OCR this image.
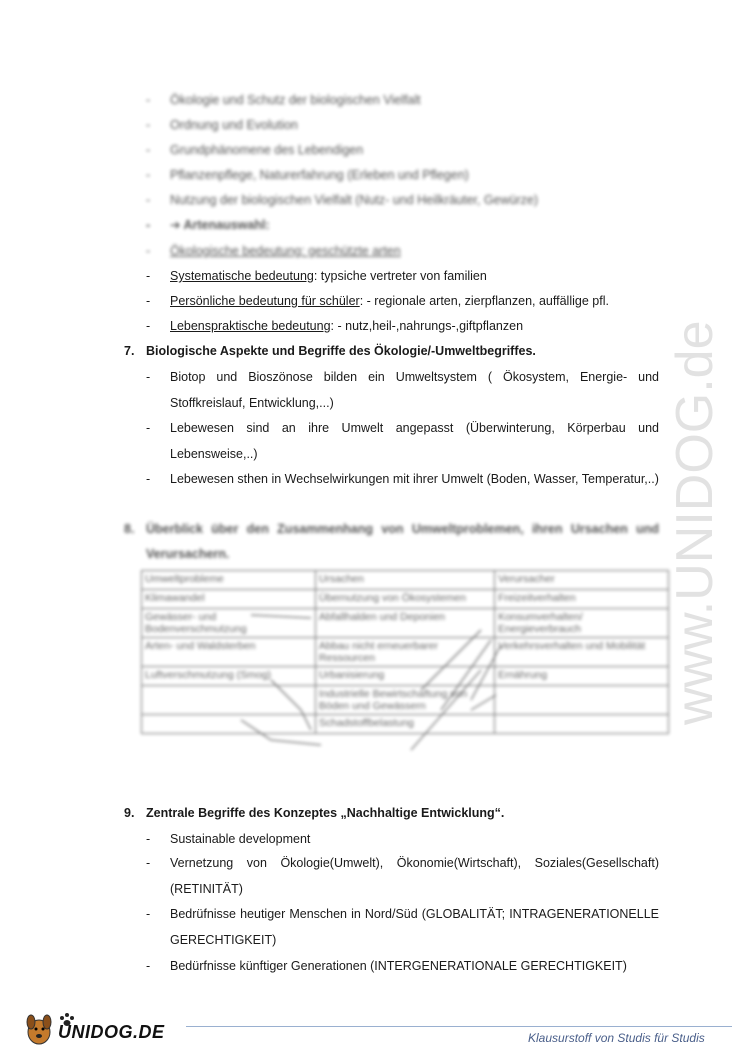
- Ökologie und Schutz der biologischen Vielfalt
- Ordnung und Evolution
- Grundphänomene des Lebendigen
- Pflanzenpflege, Naturerfahrung (Erleben und Pflegen)
- Nutzung der biologischen Vielfalt (Nutz- und Heilkräuter, Gewürze)
- ➔ Artenauswahl:
- Ökologische bedeutung: geschützte arten
- Systematische bedeutung: typsiche vertreter von familien
- Persönliche bedeutung für schüler: - regionale arten, zierpflanzen, auffällige pfl.
- Lebenspraktische bedeutung: - nutz,heil-,nahrungs-,giftpflanzen
7. Biologische Aspekte und Begriffe des Ökologie/-Umweltbegriffes.
- Biotop und Bioszönose bilden ein Umweltsystem ( Ökosystem, Energie- und Stoffkreislauf, Entwicklung,...)
- Lebewesen sind an ihre Umwelt angepasst (Überwinterung, Körperbau und Lebensweise,..)
- Lebewesen sthen in Wechselwirkungen mit ihrer Umwelt (Boden, Wasser, Temperatur,..)
8. Überblick über den Zusammenhang von Umweltproblemen, ihren Ursachen und
Verursachern.
Umweltprobleme	Ursachen	Verursacher
Klimawandel	Übernutzung von Ökosystemen	Freizeitverhalten
Gewässer- und Bodenverschmutzung	Abfallhalden und Deponien	Konsumverhalten/ Energieverbrauch
Arten- und Waldsterben	Abbau nicht erneuerbarer Ressourcen	Verkehrsverhalten und Mobilität
Luftverschmutzung (Smog)	Urbanisierung	Ernährung
	Industrielle Bewirtschaftung von Böden und Gewässern	
	Schadstoffbelastung	
9. Zentrale Begriffe des Konzeptes „Nachhaltige Entwicklung“.
- Sustainable development
- Vernetzung von Ökologie(Umwelt), Ökonomie(Wirtschaft), Soziales(Gesellschaft) (RETINITÄT)
- Bedrüfnisse heutiger Menschen in Nord/Süd (GLOBALITÄT; INTRAGENERATIONELLE GERECHTIGKEIT)
- Bedürfnisse künftiger Generationen (INTERGENERATIONALE GERECHTIGKEIT)
www.UNIDOG.de
UNIDOG.DE	Klausurstoff von Studis für Studis
